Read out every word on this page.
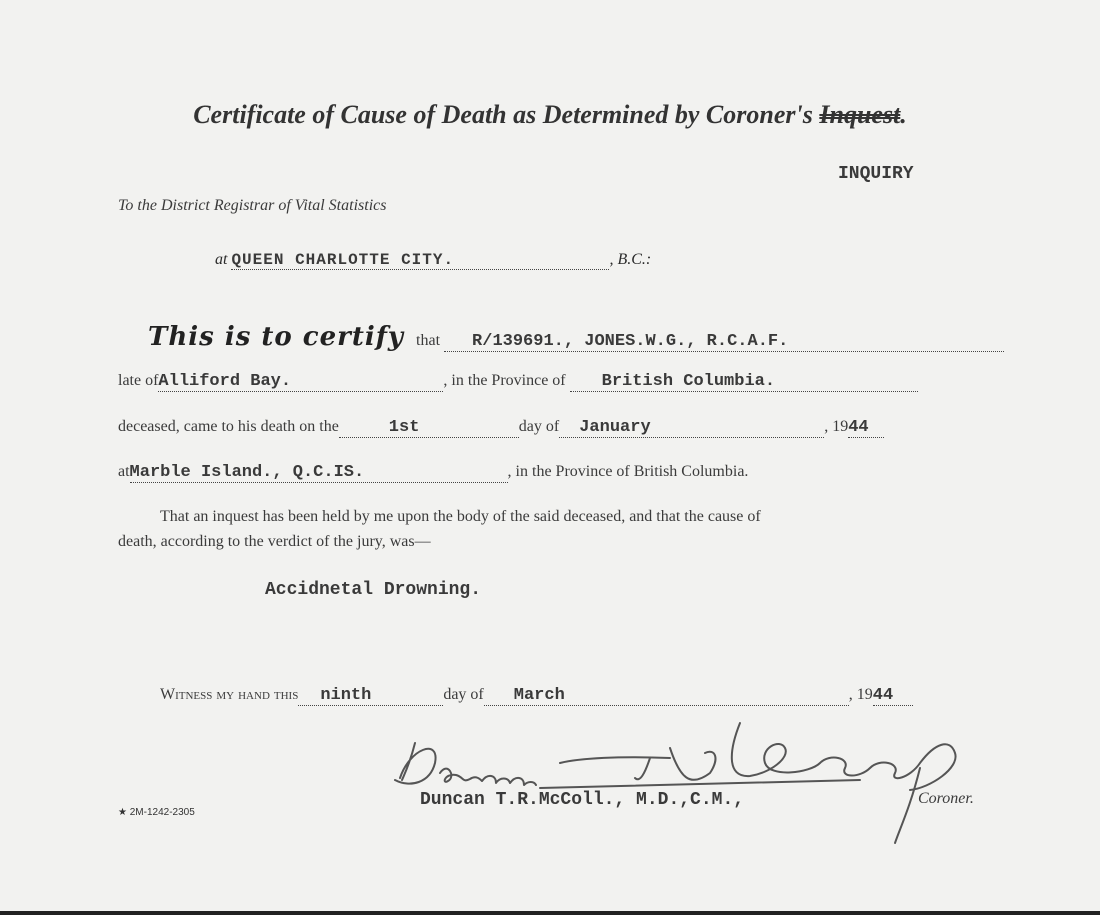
Certificate of Cause of Death as Determined by Coroner's Inquest.
INQUIRY
To the District Registrar of Vital Statistics
at QUEEN CHARLOTTE CITY.	, B.C.:
This is to certify that R/139691., JONES.W.G., R.C.A.F.
late ofAlliford Bay.	, in the Province of British Columbia.
deceased, came to his death on the	1st	day of January	, 1944
atMarble Island., Q.C.IS.	, in the Province of British Columbia.
That an inquest has been held by me upon the body of the said deceased, and that the cause of
death, according to the verdict of the jury, was—
Accidnetal Drowning.
Witness my hand this ninth	day of March	, 1944
Duncan T.R.McColl., M.D.,C.M.,	Coroner.
★ 2M-1242-2305
